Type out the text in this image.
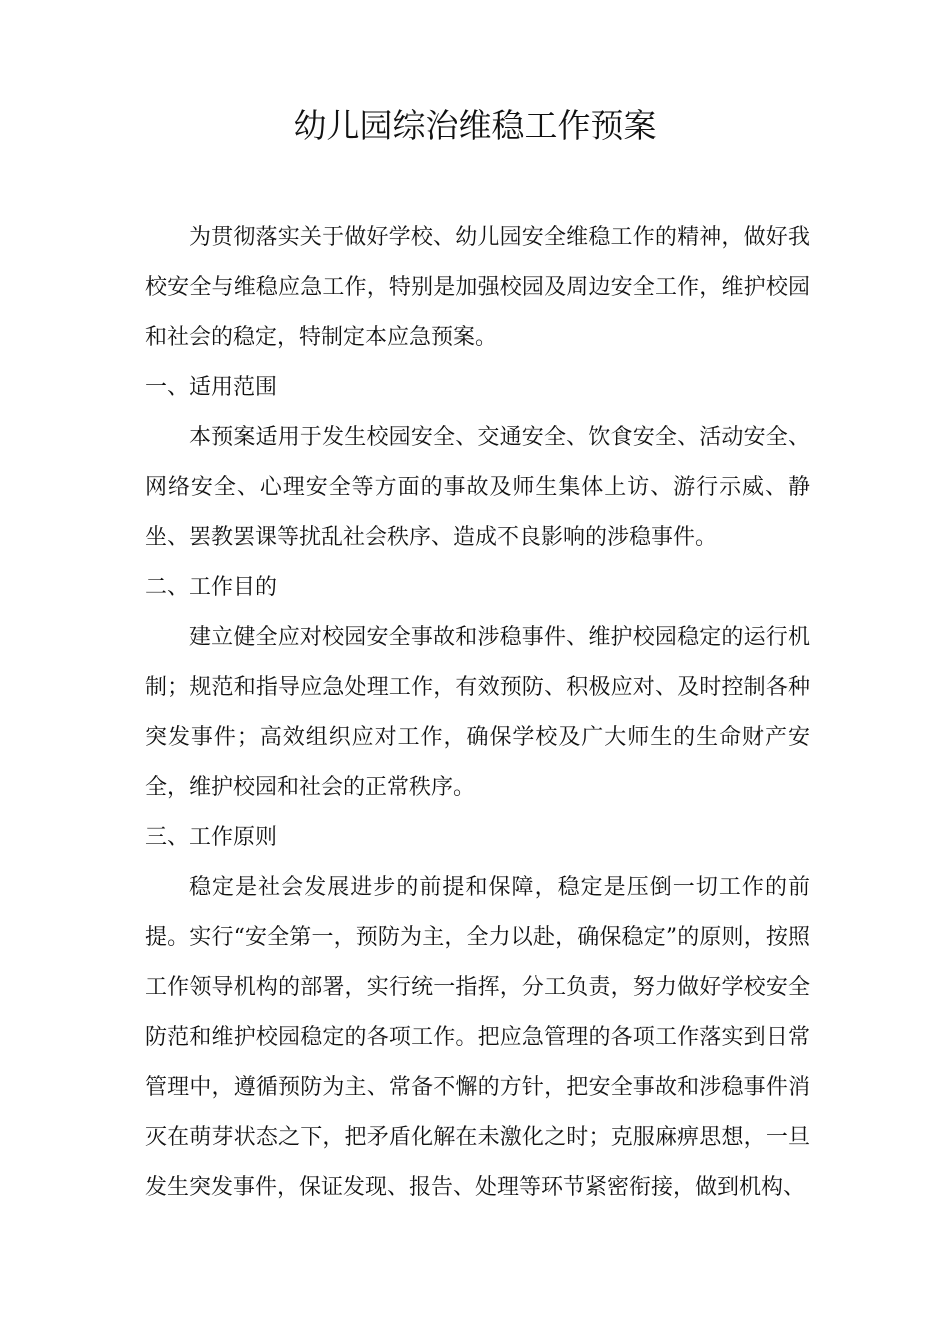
幼儿园综治维稳工作预案

为贯彻落实关于做好学校、幼儿园安全维稳工作的精神，做好我校安全与维稳应急工作，特别是加强校园及周边安全工作，维护校园和社会的稳定，特制定本应急预案。

一、适用范围

本预案适用于发生校园安全、交通安全、饮食安全、活动安全、网络安全、心理安全等方面的事故及师生集体上访、游行示威、静坐、罢教罢课等扰乱社会秩序、造成不良影响的涉稳事件。

二、工作目的

建立健全应对校园安全事故和涉稳事件、维护校园稳定的运行机制；规范和指导应急处理工作，有效预防、积极应对、及时控制各种突发事件；高效组织应对工作，确保学校及广大师生的生命财产安全，维护校园和社会的正常秩序。

三、工作原则

稳定是社会发展进步的前提和保障，稳定是压倒一切工作的前提。实行“安全第一，预防为主，全力以赴，确保稳定”的原则，按照工作领导机构的部署，实行统一指挥，分工负责，努力做好学校安全防范和维护校园稳定的各项工作。把应急管理的各项工作落实到日常管理中，遵循预防为主、常备不懈的方针，把安全事故和涉稳事件消灭在萌芽状态之下，把矛盾化解在未激化之时；克服麻痹思想，一旦发生突发事件，保证发现、报告、处理等环节紧密衔接，做到机构、
